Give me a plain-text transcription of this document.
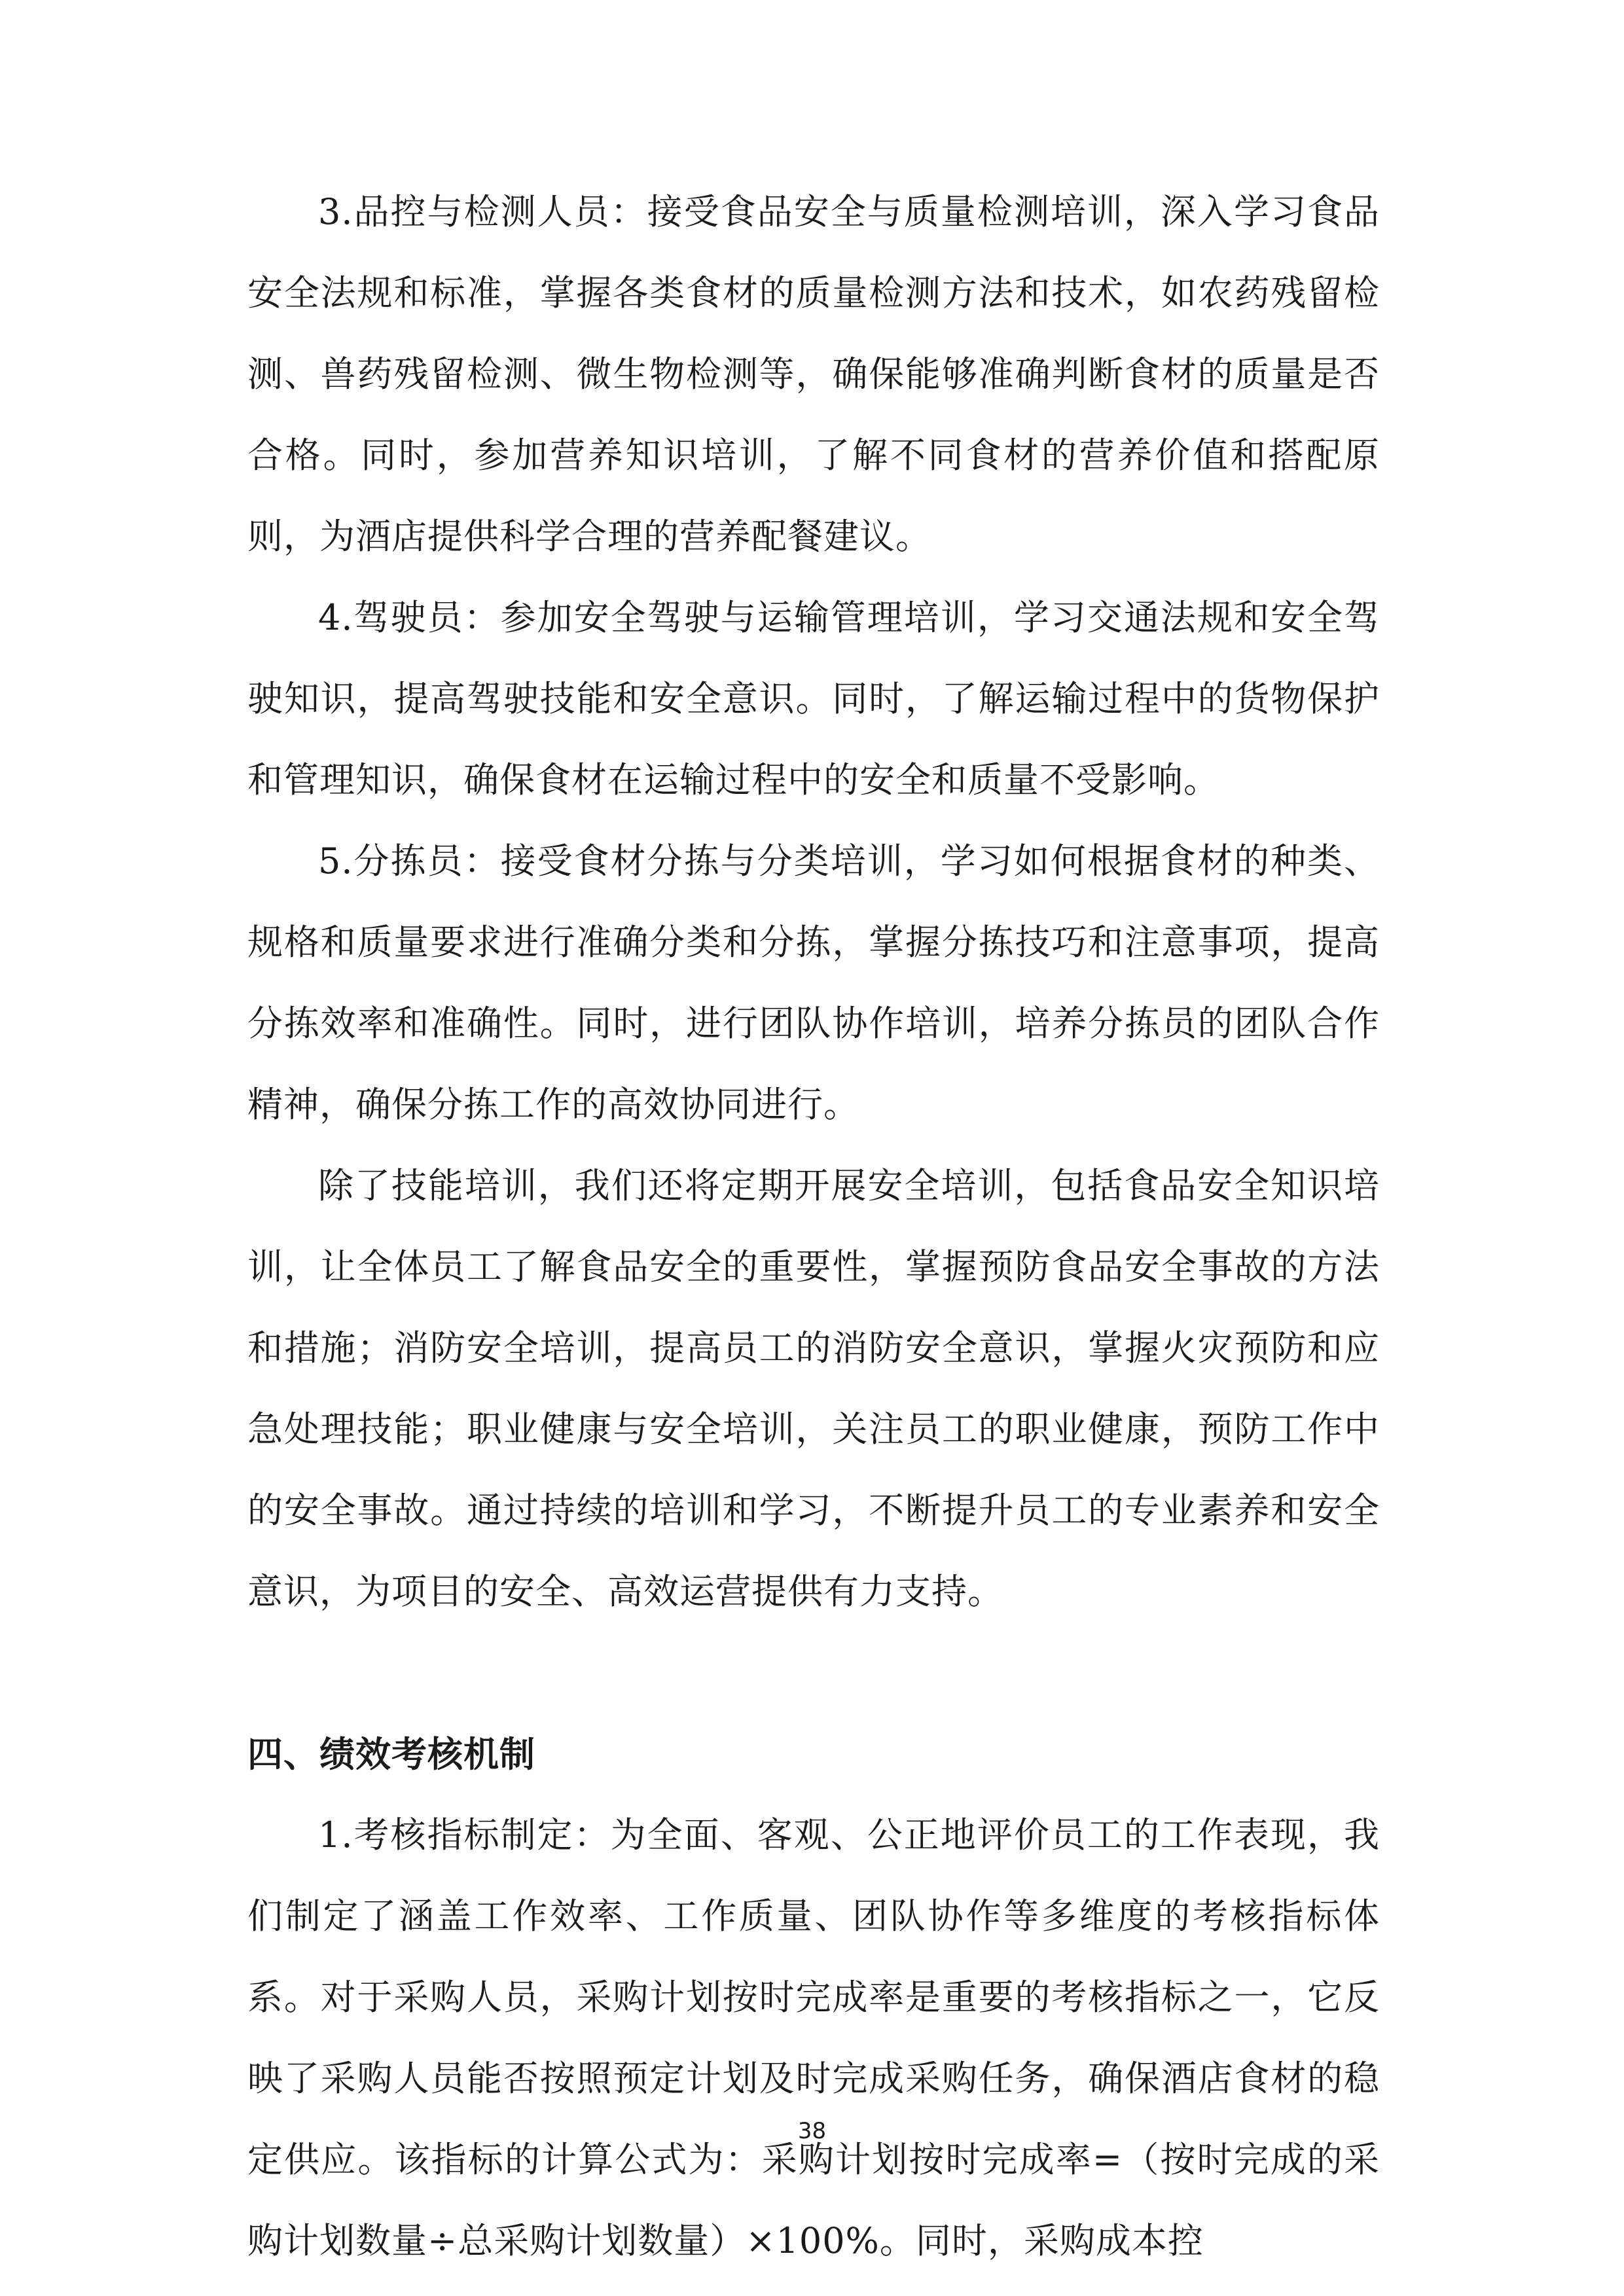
3.品控与检测人员：接受食品安全与质量检测培训，深入学习食品安全法规和标准，掌握各类食材的质量检测方法和技术，如农药残留检测、兽药残留检测、微生物检测等，确保能够准确判断食材的质量是否合格。同时，参加营养知识培训，了解不同食材的营养价值和搭配原则，为酒店提供科学合理的营养配餐建议。

4.驾驶员：参加安全驾驶与运输管理培训，学习交通法规和安全驾驶知识，提高驾驶技能和安全意识。同时，了解运输过程中的货物保护和管理知识，确保食材在运输过程中的安全和质量不受影响。

5.分拣员：接受食材分拣与分类培训，学习如何根据食材的种类、规格和质量要求进行准确分类和分拣，掌握分拣技巧和注意事项，提高分拣效率和准确性。同时，进行团队协作培训，培养分拣员的团队合作精神，确保分拣工作的高效协同进行。

除了技能培训，我们还将定期开展安全培训，包括食品安全知识培训，让全体员工了解食品安全的重要性，掌握预防食品安全事故的方法和措施；消防安全培训，提高员工的消防安全意识，掌握火灾预防和应急处理技能；职业健康与安全培训，关注员工的职业健康，预防工作中的安全事故。通过持续的培训和学习，不断提升员工的专业素养和安全意识，为项目的安全、高效运营提供有力支持。

四、绩效考核机制

1.考核指标制定：为全面、客观、公正地评价员工的工作表现，我们制定了涵盖工作效率、工作质量、团队协作等多维度的考核指标体系。对于采购人员，采购计划按时完成率是重要的考核指标之一，它反映了采购人员能否按照预定计划及时完成采购任务，确保酒店食材的稳定供应。该指标的计算公式为：采购计划按时完成率=（按时完成的采购计划数量÷总采购计划数量）×100%。同时，采购成本控

38
